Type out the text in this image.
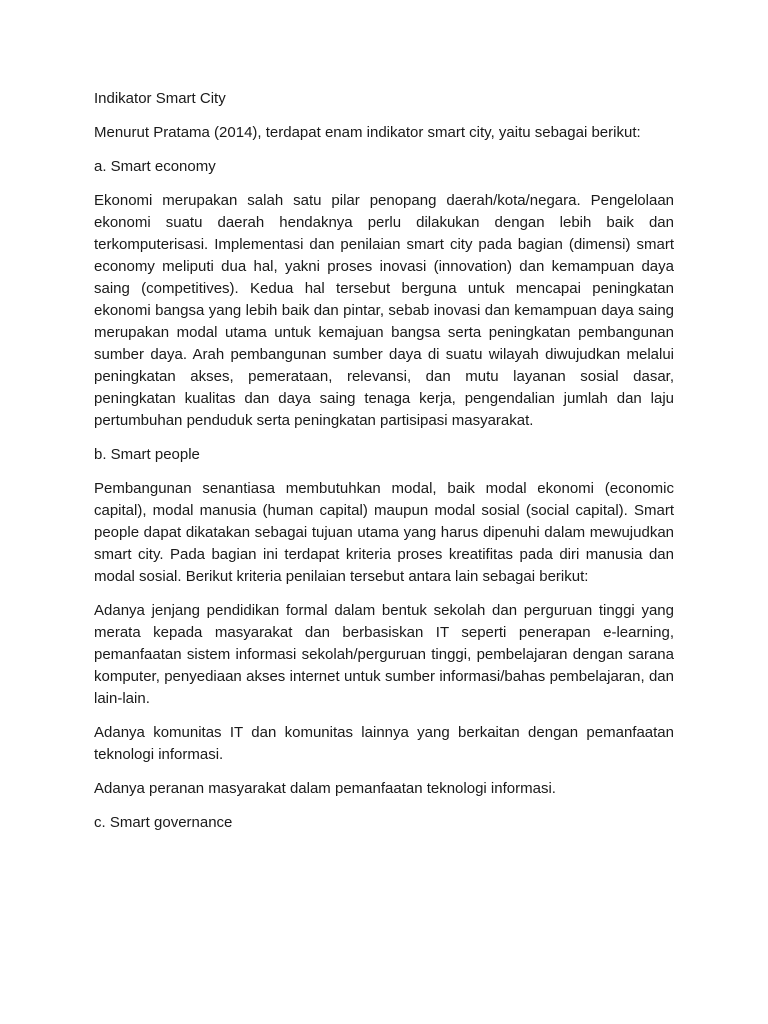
Indikator Smart City

Menurut Pratama (2014), terdapat enam indikator smart city, yaitu sebagai berikut:

a. Smart economy

Ekonomi merupakan salah satu pilar penopang daerah/kota/negara. Pengelolaan ekonomi suatu daerah hendaknya perlu dilakukan dengan lebih baik dan terkomputerisasi. Implementasi dan penilaian smart city pada bagian (dimensi) smart economy meliputi dua hal, yakni proses inovasi (innovation) dan kemampuan daya saing (competitives). Kedua hal tersebut berguna untuk mencapai peningkatan ekonomi bangsa yang lebih baik dan pintar, sebab inovasi dan kemampuan daya saing merupakan modal utama untuk kemajuan bangsa serta peningkatan pembangunan sumber daya. Arah pembangunan sumber daya di suatu wilayah diwujudkan melalui peningkatan akses, pemerataan, relevansi, dan mutu layanan sosial dasar, peningkatan kualitas dan daya saing tenaga kerja, pengendalian jumlah dan laju pertumbuhan penduduk serta peningkatan partisipasi masyarakat.

b. Smart people

Pembangunan senantiasa membutuhkan modal, baik modal ekonomi (economic capital), modal manusia (human capital) maupun modal sosial (social capital). Smart people dapat dikatakan sebagai tujuan utama yang harus dipenuhi dalam mewujudkan smart city. Pada bagian ini terdapat kriteria proses kreatifitas pada diri manusia dan modal sosial. Berikut kriteria penilaian tersebut antara lain sebagai berikut:

Adanya jenjang pendidikan formal dalam bentuk sekolah dan perguruan tinggi yang merata kepada masyarakat dan berbasiskan IT seperti penerapan e-learning, pemanfaatan sistem informasi sekolah/perguruan tinggi, pembelajaran dengan sarana komputer, penyediaan akses internet untuk sumber informasi/bahas pembelajaran, dan lain-lain.

Adanya komunitas IT dan komunitas lainnya yang berkaitan dengan pemanfaatan teknologi informasi.

Adanya peranan masyarakat dalam pemanfaatan teknologi informasi.

c. Smart governance
